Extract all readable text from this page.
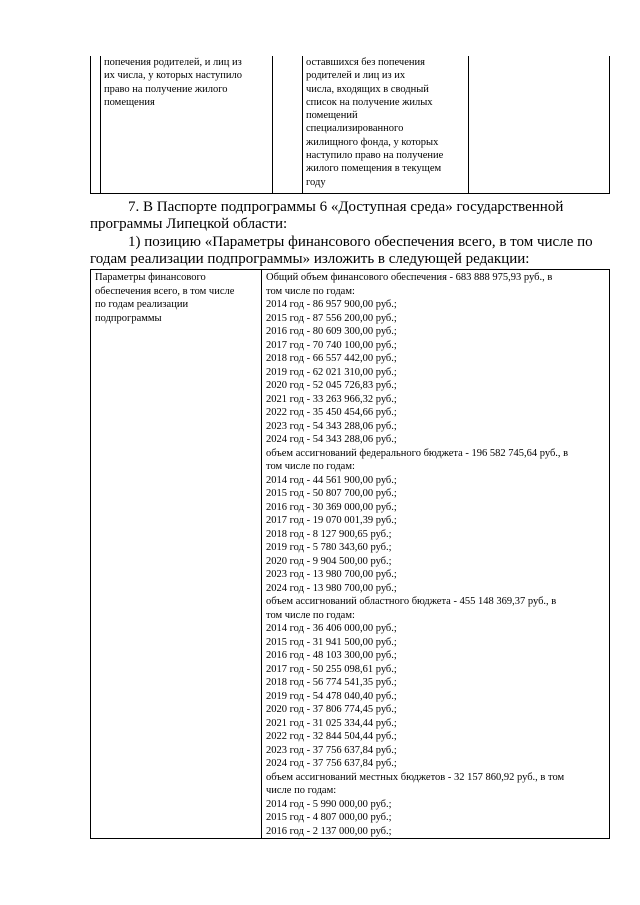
попечения родителей, и лиц из
их числа, у которых наступило
право на получение жилого
помещения
оставшихся без попечения
родителей и лиц из их
числа, входящих в сводный
список на получение жилых
помещений
специализированного
жилищного фонда, у которых
наступило право на получение
жилого помещения в текущем
году
7. В Паспорте подпрограммы 6 «Доступная среда» государственной
программы Липецкой области:
1) позицию «Параметры финансового обеспечения всего, в том числе по
годам реализации подпрограммы» изложить в следующей редакции:
Параметры финансового
обеспечения всего, в том числе
по годам реализации
подпрограммы
Общий объем финансового обеспечения - 683 888 975,93 руб., в
том числе по годам:
2014 год - 86 957 900,00 руб.;
2015 год - 87 556 200,00 руб.;
2016 год - 80 609 300,00 руб.;
2017 год - 70 740 100,00 руб.;
2018 год - 66 557 442,00 руб.;
2019 год - 62 021 310,00 руб.;
2020 год - 52 045 726,83 руб.;
2021 год - 33 263 966,32 руб.;
2022 год - 35 450 454,66 руб.;
2023 год - 54 343 288,06 руб.;
2024 год - 54 343 288,06 руб.;
объем ассигнований федерального бюджета - 196 582 745,64 руб., в
том числе по годам:
2014 год - 44 561 900,00 руб.;
2015 год - 50 807 700,00 руб.;
2016 год - 30 369 000,00 руб.;
2017 год - 19 070 001,39 руб.;
2018 год - 8 127 900,65 руб.;
2019 год - 5 780 343,60 руб.;
2020 год - 9 904 500,00 руб.;
2023 год - 13 980 700,00 руб.;
2024 год - 13 980 700,00 руб.;
объем ассигнований областного бюджета - 455 148 369,37 руб., в
том числе по годам:
2014 год - 36 406 000,00 руб.;
2015 год - 31 941 500,00 руб.;
2016 год - 48 103 300,00 руб.;
2017 год - 50 255 098,61 руб.;
2018 год - 56 774 541,35 руб.;
2019 год - 54 478 040,40 руб.;
2020 год - 37 806 774,45 руб.;
2021 год - 31 025 334,44 руб.;
2022 год - 32 844 504,44 руб.;
2023 год - 37 756 637,84 руб.;
2024 год - 37 756 637,84 руб.;
объем ассигнований местных бюджетов - 32 157 860,92 руб., в том
числе по годам:
2014 год - 5 990 000,00 руб.;
2015 год - 4 807 000,00 руб.;
2016 год - 2 137 000,00 руб.;
